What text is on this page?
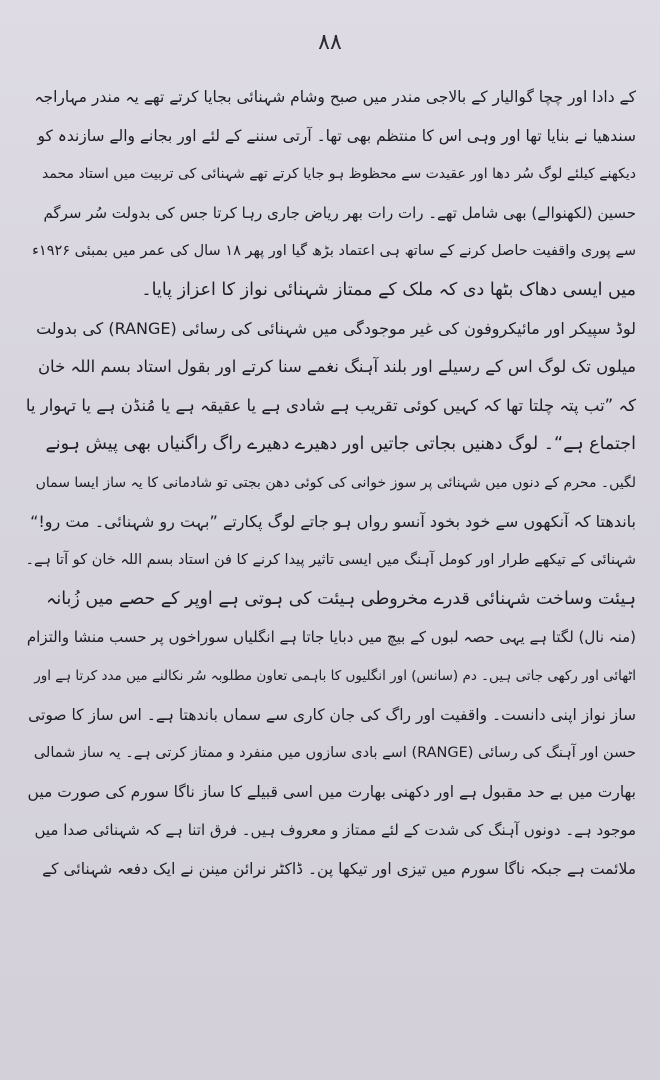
۸۸
کے دادا اور چچا گوالیار کے بالاجی مندر میں صبح وشام شہنائی بجایا کرتے تھے یہ مندر مہاراجہ
سندھیا نے بنایا تھا اور وہی اس کا منتظم بھی تھا۔ آرتی سننے کے لئے اور بجانے والے سازندہ کو
دیکھنے کیلئے لوگ سُر دھا اور عقیدت سے محظوظ ہو جایا کرتے تھے شہنائی کی تربیت میں استاد محمد
حسین (لکھنوالے) بھی شامل تھے۔ رات رات بھر ریاض جاری رہا کرتا جس کی بدولت سُر سرگم
سے پوری واقفیت حاصل کرنے کے ساتھ ہی اعتماد بڑھ گیا اور پھر ۱۸ سال کی عمر میں بمبئی ۱۹۲۶ء
میں ایسی دھاک بٹھا دی کہ ملک کے ممتاز شہنائی نواز کا اعزاز پایا۔
لوڈ سپیکر اور مائیکروفون کی غیر موجودگی میں شہنائی کی رسائی (RANGE) کی بدولت
میلوں تک لوگ اس کے رسیلے اور بلند آہنگ نغمے سنا کرتے اور بقول استاد بسم اللہ خان
کہ ”تب پتہ چلتا تھا کہ کہیں کوئی تقریب ہے شادی ہے یا عقیقہ ہے یا مُنڈن ہے یا تہوار یا
اجتماع ہے“۔ لوگ دھنیں بجاتی جاتیں اور دھیرے دھیرے راگ راگنیاں بھی پیش ہونے
لگیں۔ محرم کے دنوں میں شہنائی پر سوز خوانی کی کوئی دھن بجتی تو شادمانی کا یہ ساز ایسا سماں
باندھتا کہ آنکھوں سے خود بخود آنسو رواں ہو جاتے لوگ پکارتے ”بہت رو شہنائی۔ مت رو!“
شہنائی کے تیکھے طرار اور کومل آہنگ میں ایسی تاثیر پیدا کرنے کا فن استاد بسم اللہ خان کو آتا ہے۔
ہیئت وساخت شہنائی قدرے مخروطی ہیئت کی ہوتی ہے اوپر کے حصے میں زُبانہ
(منہ نال) لگتا ہے یہی حصہ لبوں کے بیچ میں دبایا جاتا ہے انگلیاں سوراخوں پر حسب منشا والتزام
اٹھائی اور رکھی جاتی ہیں۔ دم (سانس) اور انگلیوں کا باہمی تعاون مطلوبہ سُر نکالنے میں مدد کرتا ہے اور
ساز نواز اپنی دانست۔ واقفیت اور راگ کی جان کاری سے سماں باندھتا ہے۔ اس ساز کا صوتی
حسن اور آہنگ کی رسائی (RANGE) اسے بادی سازوں میں منفرد و ممتاز کرتی ہے۔ یہ ساز شمالی
بھارت میں بے حد مقبول ہے اور دکھنی بھارت میں اسی قبیلے کا ساز ناگا سورم کی صورت میں
موجود ہے۔ دونوں آہنگ کی شدت کے لئے ممتاز و معروف ہیں۔ فرق اتنا ہے کہ شہنائی صدا میں
ملائمت ہے جبکہ ناگا سورم میں تیزی اور تیکھا پن۔ ڈاکٹر نرائن مینن نے ایک دفعہ شہنائی کے
